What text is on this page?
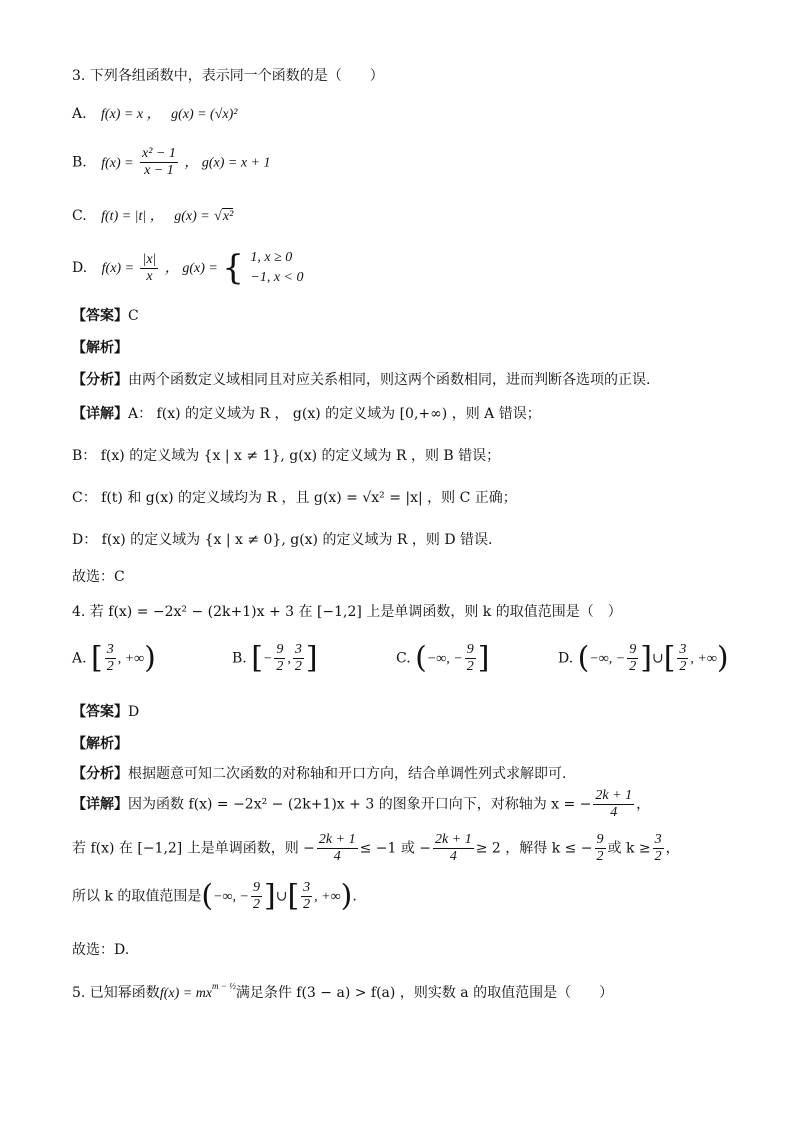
3. 下列各组函数中，表示同一个函数的是（　　）
A. f(x) = x ， g(x) = (√x)²
B. $f(x) = \frac{\text{x² − 1}}{x - 1}$ ， g(x) = x + 1
C. f(t) = |t| ， g(x) = √x²
D. $f(x) = \frac{|x|}{x}$ ， g(x) = { 1, x ≥ 0
−1, x < 0
【答案】C
【解析】
【分析】由两个函数定义域相同且对应关系相同，则这两个函数相同，进而判断各选项的正误.
【详解】A： f(x) 的定义域为 R ， g(x) 的定义域为 [0,+∞) ，则 A 错误；
B： f(x) 的定义域为 {x | x ≠ 1}, g(x) 的定义域为 R ，则 B 错误；
C： f(t) 和 g(x) 的定义域均为 R ，且 g(x) = √x² = |x| ，则 C 正确；
D： f(x) 的定义域为 {x | x ≠ 0}, g(x) 的定义域为 R ，则 D 错误.
故选：C
4. 若 f(x) = −2x² − (2k+1)x + 3 在 [−1,2] 上是单调函数，则 k 的取值范围是（　）
A. [ $\frac{3}{2}$ , +∞)	B. [− $\frac{9}{2}$ , $\frac{3}{2}$ ]	C. (−∞, − $\frac{9}{2}$ ]	D. (−∞, − $\frac{9}{2}$ ]∪[ $\frac{3}{2}$ , +∞)
【答案】D
【解析】
【分析】根据题意可知二次函数的对称轴和开口方向，结合单调性列式求解即可.
【详解】因为函数 f(x) = −2x² − (2k+1)x + 3 的图象开口向下，对称轴为 x = − $\frac{2k + 1}{4}$ ，
若 f(x) 在 [−1,2] 上是单调函数，则 − $\frac{2k + 1}{4} \le -1$ 或 − $\frac{2k + 1}{4} \ge 2$ ，解得 k ≤ − $\frac{9}{2}$ 或 $k \ge \frac{3}{2}$ ，
所以 k 的取值范围是(−∞, − $\frac{9}{2}$ ]∪[ $\frac{3}{2}$ , +∞).
故选：D.
5. 已知幂函数$f(x) = mx^{m - \frac{1}{2}}$满足条件 f(3 − a) > f(a) ，则实数 a 的取值范围是（　　）
